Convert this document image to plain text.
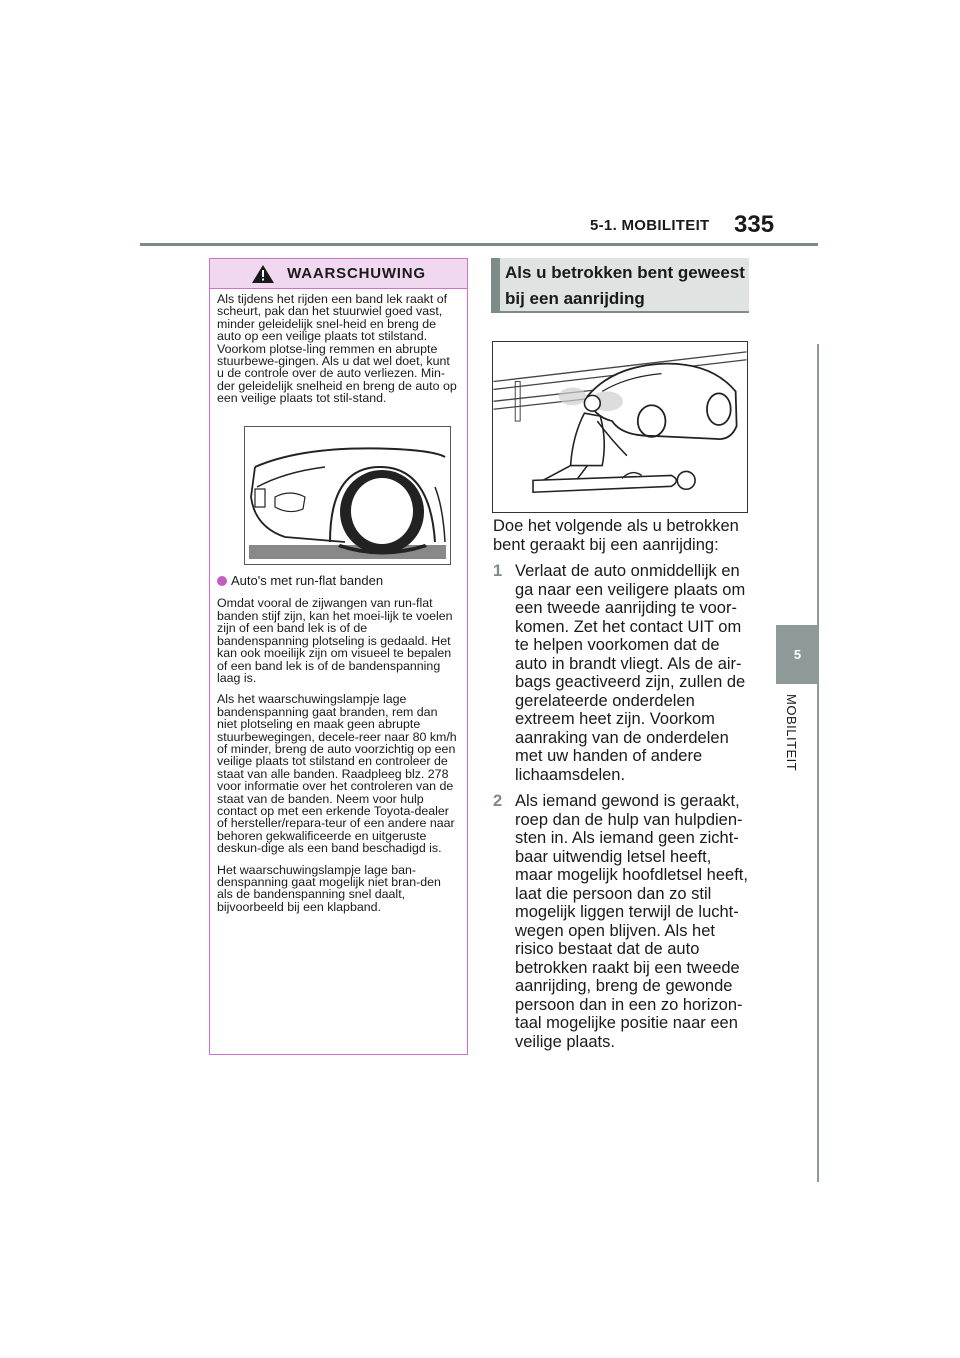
5-1. MOBILITEIT 335
5
MOBILITEIT
WAARSCHUWING

Als tijdens het rijden een band lek raakt of scheurt, pak dan het stuurwiel goed vast, minder geleidelijk snel-heid en breng de auto op een veilige plaats tot stilstand. Voorkom plotse-ling remmen en abrupte stuurbewe-gingen. Als u dat wel doet, kunt u de controle over de auto verliezen. Min-der geleidelijk snelheid en breng de auto op een veilige plaats tot stil-stand.

Auto's met run-flat banden

Omdat vooral de zijwangen van run-flat banden stijf zijn, kan het moei-lijk te voelen zijn of een band lek is of de bandenspanning plotseling is gedaald. Het kan ook moeilijk zijn om visueel te bepalen of een band lek is of de bandenspanning laag is.

Als het waarschuwingslampje lage bandenspanning gaat branden, rem dan niet plotseling en maak geen abrupte stuurbewegingen, decele-reer naar 80 km/h of minder, breng de auto voorzichtig op een veilige plaats tot stilstand en controleer de staat van alle banden. Raadpleeg blz. 278 voor informatie over het controleren van de staat van de banden. Neem voor hulp contact op met een erkende Toyota-dealer of hersteller/repara-teur of een andere naar behoren gekwalificeerde en uitgeruste deskun-dige als een band beschadigd is.

Het waarschuwingslampje lage ban-denspanning gaat mogelijk niet bran-den als de bandenspanning snel daalt, bijvoorbeeld bij een klapband.

Als u betrokken bent geweest bij een aanrijding

Doe het volgende als u betrokken bent geraakt bij een aanrijding:

1 Verlaat de auto onmiddellijk en ga naar een veiligere plaats om een tweede aanrijding te voor-komen. Zet het contact UIT om te helpen voorkomen dat de auto in brandt vliegt. Als de air-bags geactiveerd zijn, zullen de gerelateerde onderdelen extreem heet zijn. Voorkom aanraking van de onderdelen met uw handen of andere lichaamsdelen.
2 Als iemand gewond is geraakt, roep dan de hulp van hulpdien-sten in. Als iemand geen zicht-baar uitwendig letsel heeft, maar mogelijk hoofdletsel heeft, laat die persoon dan zo stil mogelijk liggen terwijl de lucht-wegen open blijven. Als het risico bestaat dat de auto betrokken raakt bij een tweede aanrijding, breng de gewonde persoon dan in een zo horizon-taal mogelijke positie naar een veilige plaats.
